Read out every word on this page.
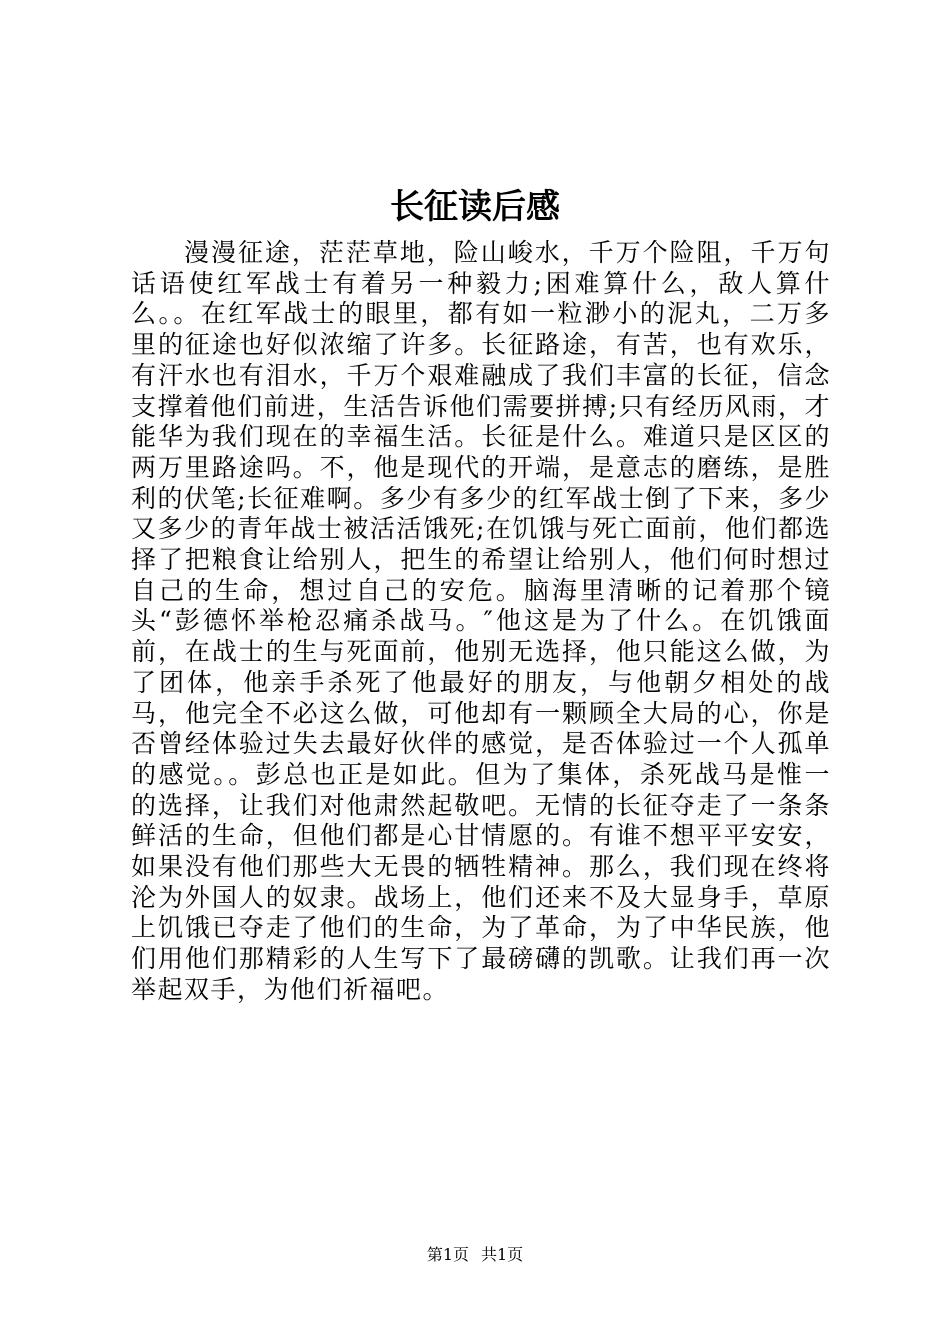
长征读后感

漫漫征途，茫茫草地，险山峻水，千万个险阻，千万句话语使红军战士有着另一种毅力;困难算什么，敌人算什么。。在红军战士的眼里，都有如一粒渺小的泥丸，二万多里的征途也好似浓缩了许多。长征路途，有苦，也有欢乐，有汗水也有泪水，千万个艰难融成了我们丰富的长征，信念支撑着他们前进，生活告诉他们需要拼搏;只有经历风雨，才能华为我们现在的幸福生活。长征是什么。难道只是区区的两万里路途吗。不，他是现代的开端，是意志的磨练，是胜利的伏笔;长征难啊。多少有多少的红军战士倒了下来，多少又多少的青年战士被活活饿死;在饥饿与死亡面前，他们都选择了把粮食让给别人，把生的希望让给别人，他们何时想过自己的生命，想过自己的安危。脑海里清晰的记着那个镜头“彭德怀举枪忍痛杀战马。″他这是为了什么。在饥饿面前，在战士的生与死面前，他别无选择，他只能这么做，为了团体，他亲手杀死了他最好的朋友，与他朝夕相处的战马，他完全不必这么做，可他却有一颗顾全大局的心，你是否曾经体验过失去最好伙伴的感觉，是否体验过一个人孤单的感觉。。彭总也正是如此。但为了集体，杀死战马是惟一的选择，让我们对他肃然起敬吧。无情的长征夺走了一条条鲜活的生命，但他们都是心甘情愿的。有谁不想平平安安，如果没有他们那些大无畏的牺牲精神。那么，我们现在终将沦为外国人的奴隶。战场上，他们还来不及大显身手，草原上饥饿已夺走了他们的生命，为了革命，为了中华民族，他们用他们那精彩的人生写下了最磅礴的凯歌。让我们再一次举起双手，为他们祈福吧。

第1页 共1页
